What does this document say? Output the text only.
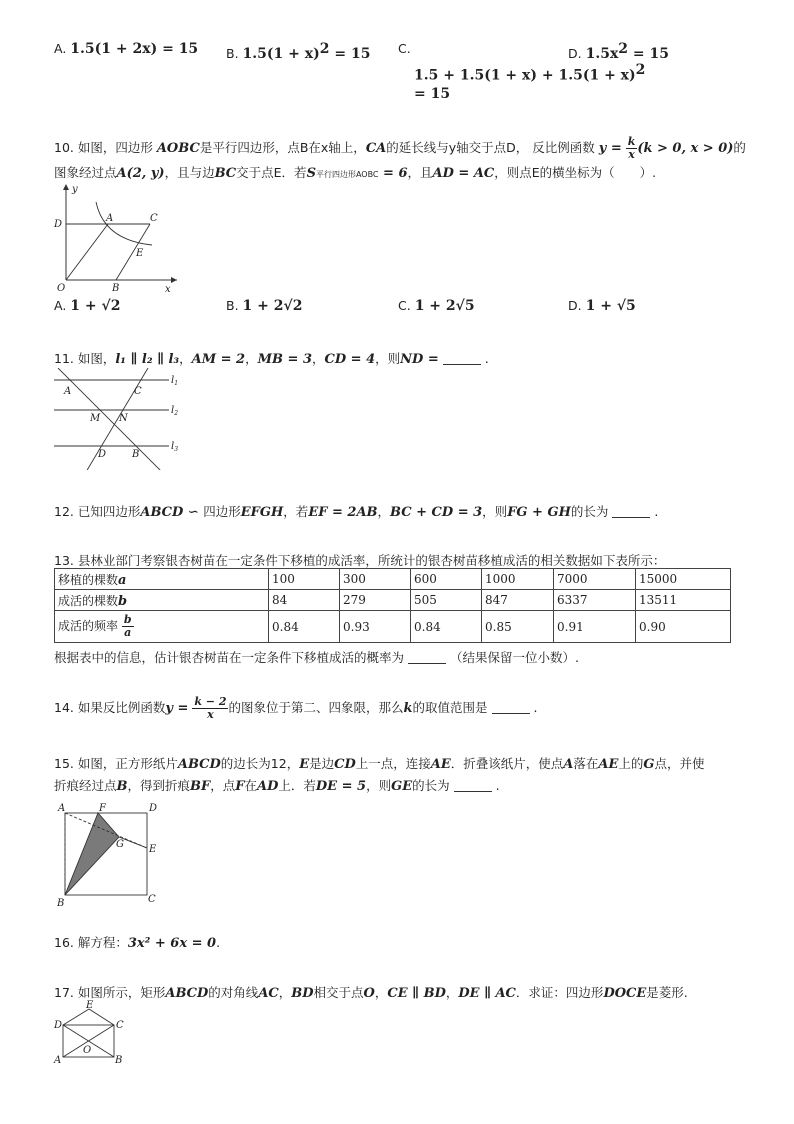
A. 1.5(1 + 2x) = 15 B. $1.5(1 + x)^2 = 15$ C.
$1.5 + 1.5(1 + x) + 1.5(1 + x)^2$
= 15
D. $1.5x^2 = 15$
10. 如图，四边形 AOBC是平行四边形，点B在x轴上，CA的延长线与y轴交于点D， 反比例函数 $y = \frac{k}{x} (k > 0$, x > 0)的
图象经过点A(2, y)，且与边BC交于点E．若S平行四边形AOBC = 6，且AD = AC，则点E的横坐标为（　　）.
D
A	C
E
O	B
y
x
A. 1 + √2	B. 1 + 2√2	C. 1 + 2√5	D. 1 + √5
11. 如图，l₁ ∥ l₂ ∥ l₃，AM = 2，MB = 3，CD = 4，则ND =	.
A	C
M N
D	B
$l_1$
$l_2$
$l_3$
12. 已知四边形ABCD ∽ 四边形EFGH，若EF = 2AB，BC + CD = 3，则FG + GH的长为	.
13. 县林业部门考察银杏树苗在一定条件下移植的成活率，所统计的银杏树苗移植成活的相关数据如下表所示：
移植的棵数a	100	300	600	1000	7000	15000
成活的棵数b	84	279	505	847	6337	13511
成活的频率 $\frac{b}{a}$	0.84	0.93	0.84	0.85	0.91	0.90
根据表中的信息，估计银杏树苗在一定条件下移植成活的概率为	（结果保留一位小数）.
14. 如果反比例函数$y = \frac{k - 2}{x}$ 的图象位于第二、四象限，那么k的取值范围是	.
15. 如图，正方形纸片ABCD的边长为12，E是边CD上一点，连接AE．折叠该纸片，使点A落在AE上的G点，并使
折痕经过点B，得到折痕BF，点F在AD上．若DE = 5，则GE的长为	.
A	F	D
G	E
B	C
16. 解方程：3x² + 6x = 0.
17. 如图所示，矩形ABCD的对角线AC，BD相交于点O，CE ∥ BD，DE ∥ AC．求证：四边形DOCE是菱形.
E
D	C
O
A	B
